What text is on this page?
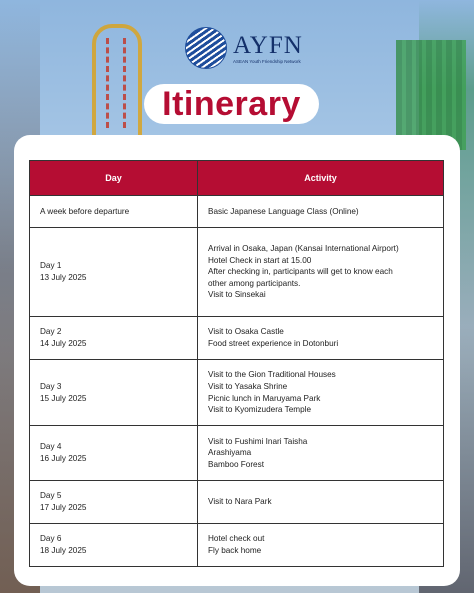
AYFN
ASEAN Youth Friendship Network
Itinerary
Day	Activity

A week before departure	Basic Japanese Language Class (Online)

Day 1
13 July 2025	Arrival in Osaka, Japan (Kansai International Airport)
Hotel Check in start at 15.00
After checking in, participants will get to know each
other among participants.
Visit to Sinsekai

Day 2
14 July 2025	Visit to Osaka Castle
Food street experience in Dotonburi

Day 3
15 July 2025	Visit to the Gion Traditional Houses
Visit to Yasaka Shrine
Picnic lunch in Maruyama Park
Visit to Kyomizudera Temple

Day 4
16 July 2025	Visit to Fushimi Inari Taisha
Arashiyama
Bamboo Forest

Day 5
17 July 2025	Visit to Nara Park

Day 6
18 July 2025	Hotel check out
Fly back home
